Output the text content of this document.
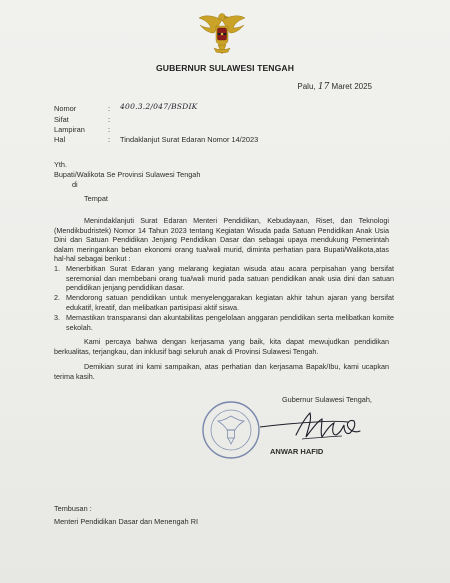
GUBERNUR SULAWESI TENGAH
Palu, 17 Maret 2025
Nomor	: 400.3.2/047/BSDIK
Sifat	:
Lampiran	:
Hal	: Tindaklanjut Surat Edaran Nomor 14/2023
Yth.
Bupati/Walikota Se Provinsi Sulawesi Tengah
di
Tempat
Menindaklanjuti Surat Edaran Menteri Pendidikan, Kebudayaan, Riset, dan Teknologi (Mendikbudristek) Nomor 14 Tahun 2023 tentang Kegiatan Wisuda pada Satuan Pendidikan Anak Usia Dini dan Satuan Pendidikan Jenjang Pendidikan Dasar dan sebagai upaya mendukung Pemerintah dalam meringankan beban ekonomi orang tua/wali murid, diminta perhatian para Bupati/Walikota,atas hal-hal sebagai berikut :
1. Menerbitkan Surat Edaran yang melarang kegiatan wisuda atau acara perpisahan yang bersifat seremonial dan membebani orang tua/wali murid pada satuan pendidikan anak usia dini dan satuan pendidikan jenjang pendidikan dasar.
2. Mendorong satuan pendidikan untuk menyelenggarakan kegiatan akhir tahun ajaran yang bersifat edukatif, kreatif, dan melibatkan partisipasi aktif siswa.
3. Memastikan transparansi dan akuntabilitas pengelolaan anggaran pendidikan serta melibatkan komite sekolah.
Kami percaya bahwa dengan kerjasama yang baik, kita dapat mewujudkan pendidikan berkualitas, terjangkau, dan inklusif bagi seluruh anak di Provinsi Sulawesi Tengah.
Demikian surat ini kami sampaikan, atas perhatian dan kerjasama Bapak/Ibu, kami ucapkan terima kasih.
Gubernur Sulawesi Tengah,
ANWAR HAFID
Tembusan :
Menteri Pendidikan Dasar dan Menengah RI
